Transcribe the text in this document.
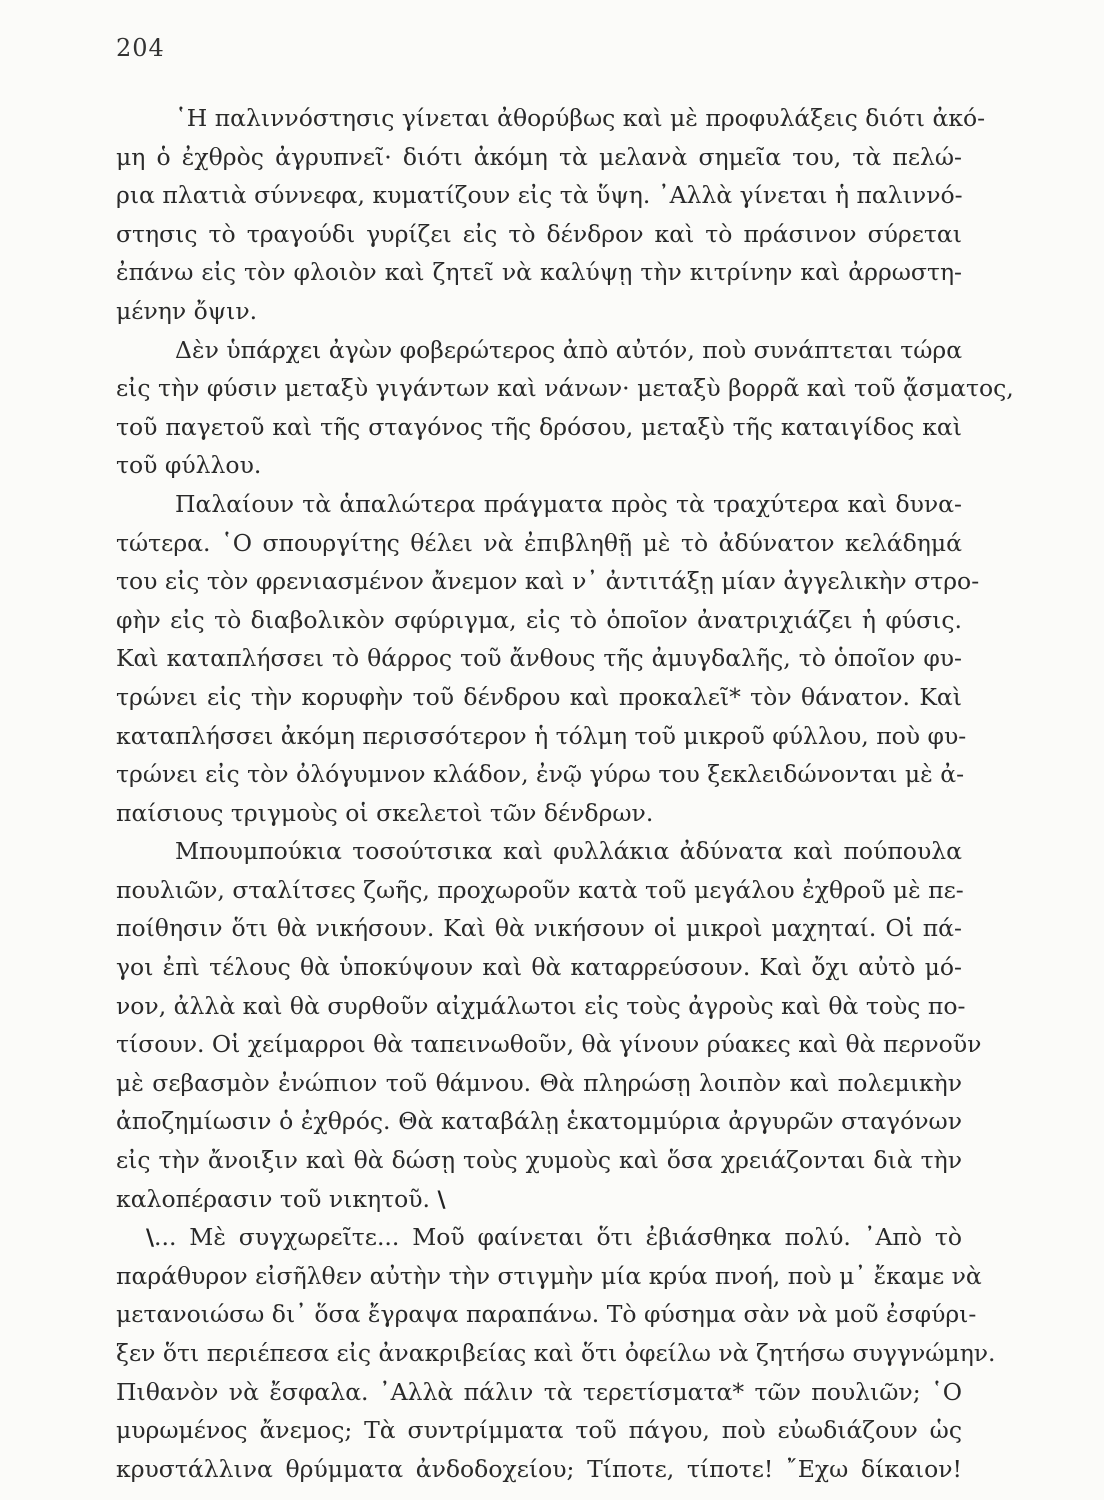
204
῾Η παλιννόστησις γίνεται ἀθορύβως καὶ μὲ προφυλάξεις διότι ἀκό-
μη ὁ ἐχθρὸς ἀγρυπνεῖ· διότι ἀκόμη τὰ μελανὰ σημεῖα του, τὰ πελώ-
ρια πλατιὰ σύννεφα, κυματίζουν εἰς τὰ ὕψη. ᾽Αλλὰ γίνεται ἡ παλιννό-
στησις τὸ τραγούδι γυρίζει εἰς τὸ δένδρον καὶ τὸ πράσινον σύρεται
ἐπάνω εἰς τὸν φλοιὸν καὶ ζητεῖ νὰ καλύψῃ τὴν κιτρίνην καὶ ἀρρωστη-
μένην ὄψιν.
Δὲν ὑπάρχει ἀγὼν φοβερώτερος ἀπὸ αὐτόν, ποὺ συνάπτεται τώρα
εἰς τὴν φύσιν μεταξὺ γιγάντων καὶ νάνων· μεταξὺ βορρᾶ καὶ τοῦ ᾄσματος,
τοῦ παγετοῦ καὶ τῆς σταγόνος τῆς δρόσου, μεταξὺ τῆς καταιγίδος καὶ
τοῦ φύλλου.
Παλαίουν τὰ ἁπαλώτερα πράγματα πρὸς τὰ τραχύτερα καὶ δυνα-
τώτερα. ῾Ο σπουργίτης θέλει νὰ ἐπιβληθῇ μὲ τὸ ἀδύνατον κελάδημά
του εἰς τὸν φρενιασμένον ἄνεμον καὶ ν᾽ ἀντιτάξῃ μίαν ἀγγελικὴν στρο-
φὴν εἰς τὸ διαβολικὸν σφύριγμα, εἰς τὸ ὁποῖον ἀνατριχιάζει ἡ φύσις.
Καὶ καταπλήσσει τὸ θάρρος τοῦ ἄνθους τῆς ἀμυγδαλῆς, τὸ ὁποῖον φυ-
τρώνει εἰς τὴν κορυφὴν τοῦ δένδρου καὶ προκαλεῖ* τὸν θάνατον. Καὶ
καταπλήσσει ἀκόμη περισσότερον ἡ τόλμη τοῦ μικροῦ φύλλου, ποὺ φυ-
τρώνει εἰς τὸν ὀλόγυμνον κλάδον, ἐνῷ γύρω του ξεκλειδώνονται μὲ ἀ-
παίσιους τριγμοὺς οἱ σκελετοὶ τῶν δένδρων.
Μπουμπούκια τοσούτσικα καὶ φυλλάκια ἀδύνατα καὶ πούπουλα
πουλιῶν, σταλίτσες ζωῆς, προχωροῦν κατὰ τοῦ μεγάλου ἐχθροῦ μὲ πε-
ποίθησιν ὅτι θὰ νικήσουν. Καὶ θὰ νικήσουν οἱ μικροὶ μαχηταί. Οἱ πά-
γοι ἐπὶ τέλους θὰ ὑποκύψουν καὶ θὰ καταρρεύσουν. Καὶ ὄχι αὐτὸ μό-
νον, ἀλλὰ καὶ θὰ συρθοῦν αἰχμάλωτοι εἰς τοὺς ἀγροὺς καὶ θὰ τοὺς πο-
τίσουν. Οἱ χείμαρροι θὰ ταπεινωθοῦν, θὰ γίνουν ρύακες καὶ θὰ περνοῦν
μὲ σεβασμὸν ἐνώπιον τοῦ θάμνου. Θὰ πληρώσῃ λοιπὸν καὶ πολεμικὴν
ἀποζημίωσιν ὁ ἐχθρός. Θὰ καταβάλῃ ἑκατομμύρια ἀργυρῶν σταγόνων
εἰς τὴν ἄνοιξιν καὶ θὰ δώσῃ τοὺς χυμοὺς καὶ ὅσα χρειάζονται διὰ τὴν
καλοπέρασιν τοῦ νικητοῦ. \
\... Μὲ συγχωρεῖτε... Μοῦ φαίνεται ὅτι ἐβιάσθηκα πολύ. ᾽Απὸ τὸ
παράθυρον εἰσῆλθεν αὐτὴν τὴν στιγμὴν μία κρύα πνοή, ποὺ μ᾽ ἔκαμε νὰ
μετανοιώσω δι᾽ ὅσα ἔγραψα παραπάνω. Τὸ φύσημα σὰν νὰ μοῦ ἐσφύρι-
ξεν ὅτι περιέπεσα εἰς ἀνακριβείας καὶ ὅτι ὀφείλω νὰ ζητήσω συγγνώμην.
Πιθανὸν νὰ ἔσφαλα. ᾽Αλλὰ πάλιν τὰ τερετίσματα* τῶν πουλιῶν; ῾Ο
μυρωμένος ἄνεμος; Τὰ συντρίμματα τοῦ πάγου, ποὺ εὐωδιάζουν ὡς
κρυστάλλινα θρύμματα ἀνδοδοχείου; Τίποτε, τίποτε! ῎Εχω δίκαιον!
